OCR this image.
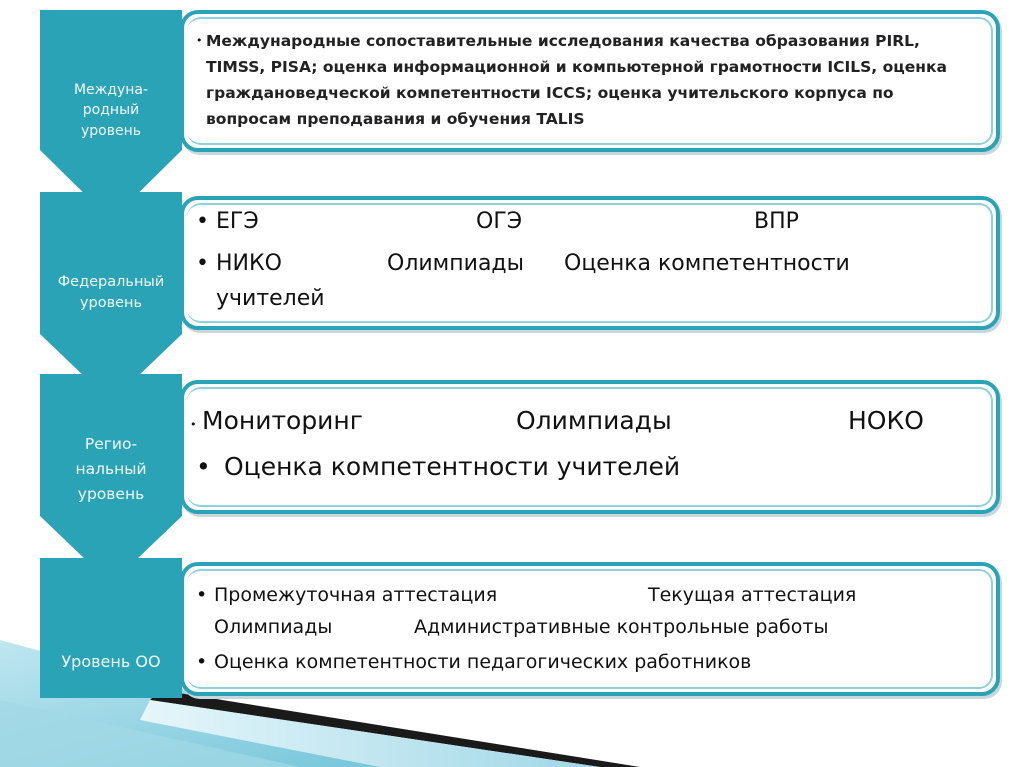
Междуна-
родный
уровень
• Международные сопоставительные исследования качества образования PIRL,
TIMSS, PISA; оценка информационной и компьютерной грамотности ICILS, оценка
граждановедческой компетентности ICCS; оценка учительского корпуса по
вопросам преподавания и обучения TALIS
Федеральный
уровень
• ЕГЭ	ОГЭ	ВПР
• НИКО	Олимпиады Оценка компетентности
учителей
Регио-
нальный
уровень
• Мониторинг	Олимпиады	НОКО
• Оценка компетентности учителей
Уровень ОО
• Промежуточная аттестация	Текущая аттестация
Олимпиады	Административные контрольные работы
• Оценка компетентности педагогических работников
